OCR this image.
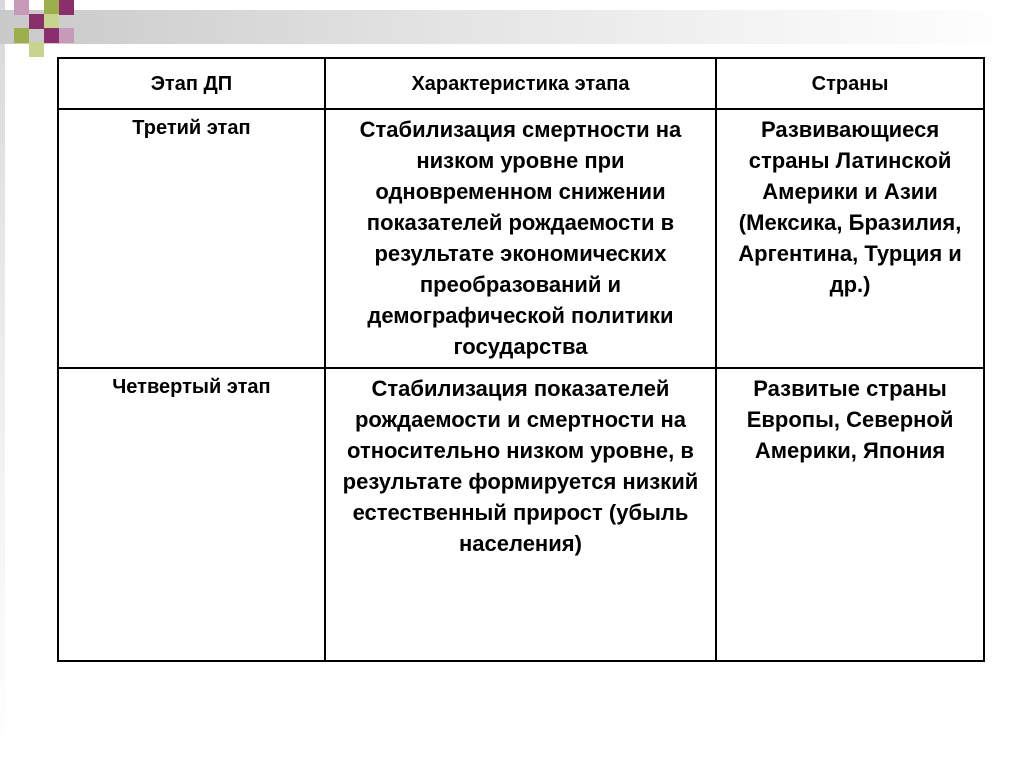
Этап ДП	Характеристика этапа	Страны

Третий этап	Стабилизация смертности на низком уровне при одновременном снижении показателей рождаемости в результате экономических преобразований и демографической политики государства	Развивающиеся страны Латинской Америки и Азии (Мексика, Бразилия, Аргентина, Турция и др.)

Четвертый этап	Стабилизация показателей рождаемости и смертности на относительно низком уровне, в результате формируется низкий естественный прирост (убыль населения)	Развитые страны Европы, Северной Америки, Япония
